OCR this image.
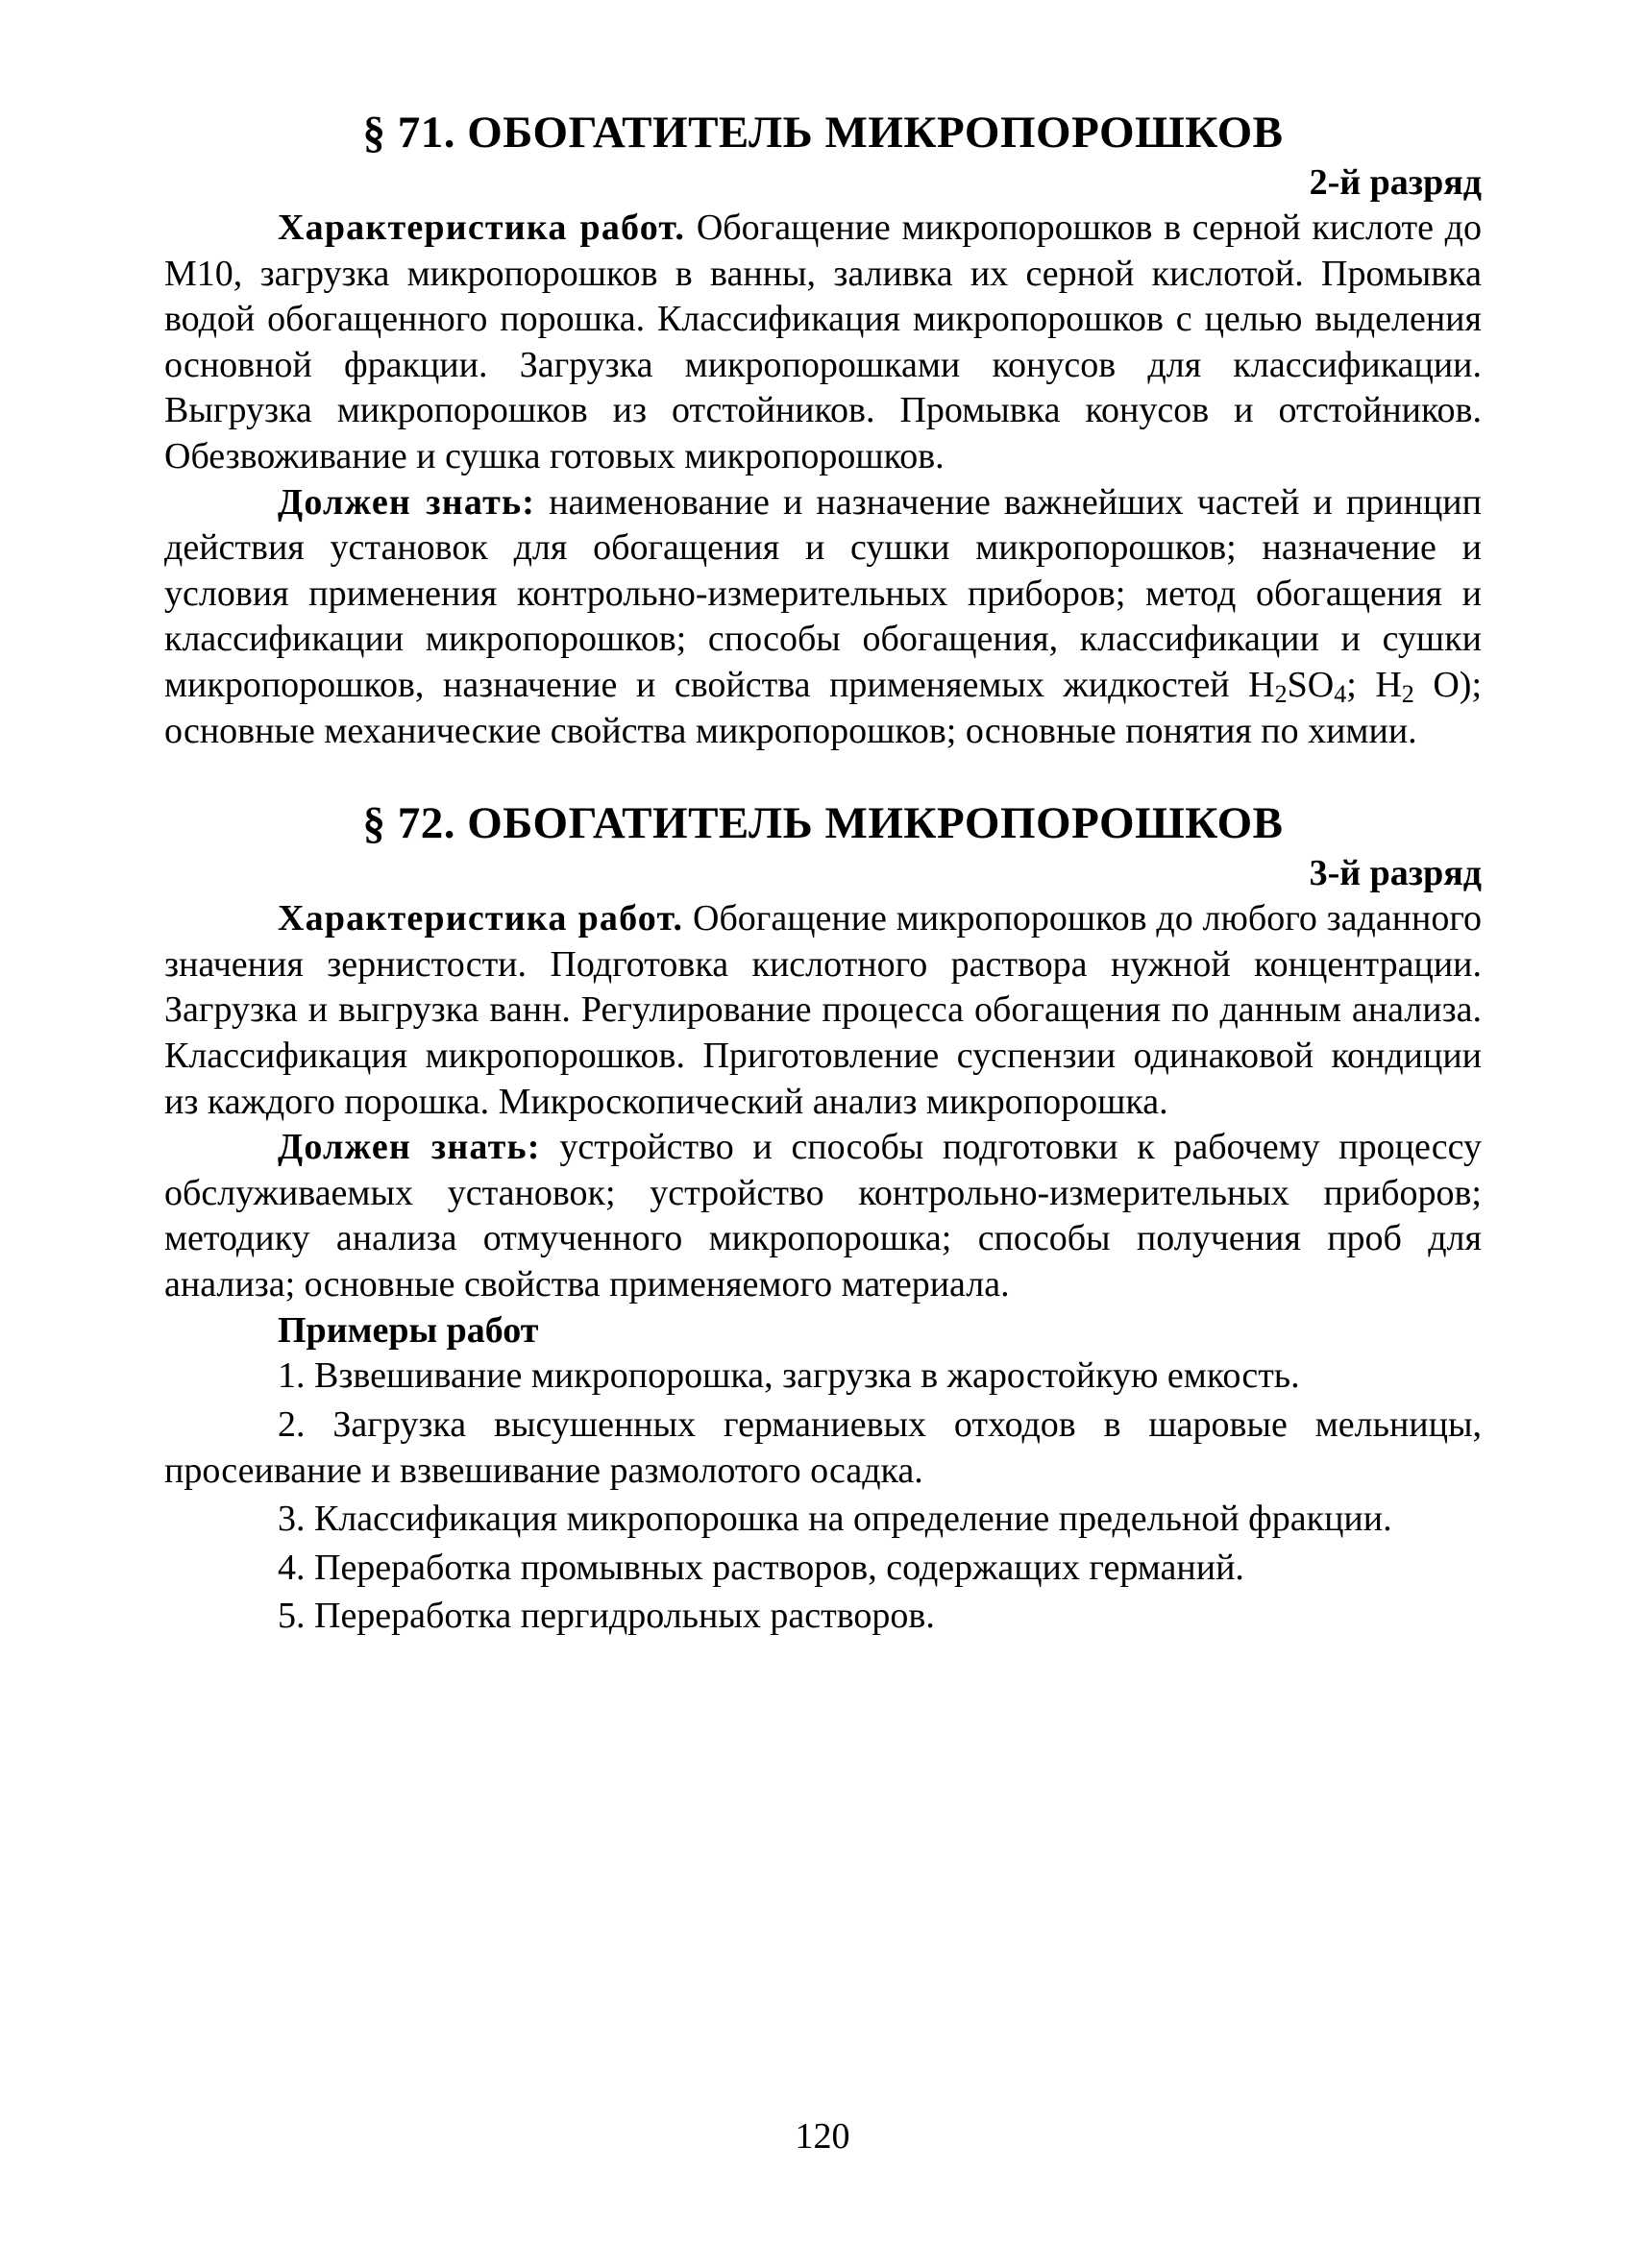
§ 71. ОБОГАТИТЕЛЬ МИКРОПОРОШКОВ
2-й разряд

Характеристика работ. Обогащение микропорошков в серной кислоте до М10, загрузка микропорошков в ванны, заливка их серной кислотой. Промывка водой обогащенного порошка. Классификация микропорошков с целью выделения основной фракции. Загрузка микропорошками конусов для классификации. Выгрузка микропорошков из отстойников. Промывка конусов и отстойников. Обезвоживание и сушка готовых микропорошков.

Должен знать: наименование и назначение важнейших частей и принцип действия установок для обогащения и сушки микропорошков; назначение и условия применения контрольно-измерительных приборов; метод обогащения и классификации микропорошков; способы обогащения, классификации и сушки микропорошков, назначение и свойства применяемых жидкостей $H_2SO_4$; $H_2$ O); основные механические свойства микропорошков; основные понятия по химии.

§ 72. ОБОГАТИТЕЛЬ МИКРОПОРОШКОВ
3-й разряд

Характеристика работ. Обогащение микропорошков до любого заданного значения зернистости. Подготовка кислотного раствора нужной концентрации. Загрузка и выгрузка ванн. Регулирование процесса обогащения по данным анализа. Классификация микропорошков. Приготовление суспензии одинаковой кондиции из каждого порошка. Микроскопический анализ микропорошка.

Должен знать: устройство и способы подготовки к рабочему процессу обслуживаемых установок; устройство контрольно-измерительных приборов; методику анализа отмученного микропорошка; способы получения проб для анализа; основные свойства применяемого материала.

Примеры работ

1. Взвешивание микропорошка, загрузка в жаростойкую емкость.

2. Загрузка высушенных германиевых отходов в шаровые мельницы, просеивание и взвешивание размолотого осадка.

3. Классификация микропорошка на определение предельной фракции.

4. Переработка промывных растворов, содержащих германий.

5. Переработка пергидрольных растворов.

120
